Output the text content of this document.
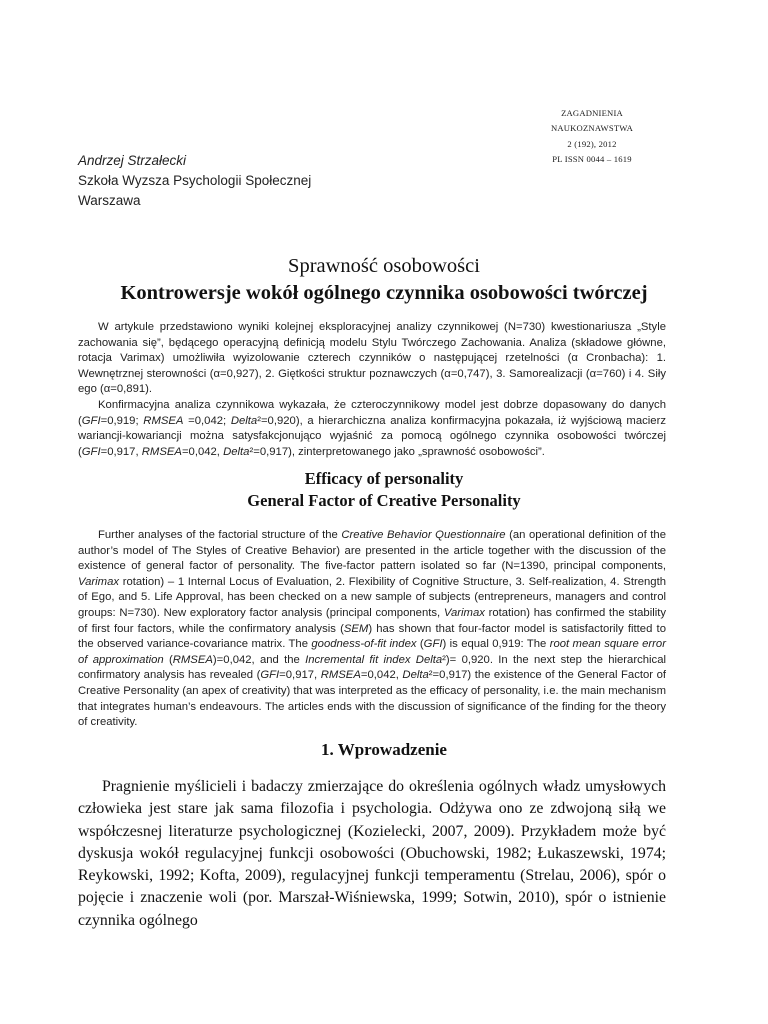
ZAGADNIENIA
NAUKOZNAWSTWA
2 (192), 2012
PL ISSN 0044 – 1619
Andrzej Strzałecki
Szkoła Wyzsza Psychologii Społecznej
Warszawa
Sprawność osobowości
Kontrowersje wokół ogólnego czynnika osobowości twórczej

W artykule przedstawiono wyniki kolejnej eksploracyjnej analizy czynnikowej (N=730) kwestionariusza „Style zachowania się”, będącego operacyjną definicją modelu Stylu Twórczego Zachowania. Analiza (składowe główne, rotacja Varimax) umożliwiła wyizolowanie czterech czynników o następującej rzetelności (α Cronbacha): 1. Wewnętrznej sterowności (α=0,927), 2. Giętkości struktur poznawczych (α=0,747), 3. Samorealizacji (α=760) i 4. Siły ego (α=0,891).

Konfirmacyjna analiza czynnikowa wykazała, że czteroczynnikowy model jest dobrze dopasowany do danych (GFI=0,919; RMSEA =0,042; Delta²=0,920), a hierarchiczna analiza konfirmacyjna pokazała, iż wyjściową macierz wariancji-kowariancji można satysfakcjonująco wyjaśnić za pomocą ogólnego czynnika osobowości twórczej (GFI=0,917, RMSEA=0,042, Delta²=0,917), zinterpretowanego jako „sprawność osobowości”.

Efficacy of personality
General Factor of Creative Personality

Further analyses of the factorial structure of the Creative Behavior Questionnaire (an operational definition of the author’s model of The Styles of Creative Behavior) are presented in the article together with the discussion of the existence of general factor of personality. The five-factor pattern isolated so far (N=1390, principal components, Varimax rotation) – 1 Internal Locus of Evaluation, 2. Flexibility of Cognitive Structure, 3. Self-realization, 4. Strength of Ego, and 5. Life Approval, has been checked on a new sample of subjects (entrepreneurs, managers and control groups: N=730). New exploratory factor analysis (principal components, Varimax rotation) has confirmed the stability of first four factors, while the confirmatory analysis (SEM) has shown that four-factor model is satisfactorily fitted to the observed variance-covariance matrix. The goodness-of-fit index (GFI) is equal 0,919: The root mean square error of approximation (RMSEA)=0,042, and the Incremental fit index Delta²)= 0,920. In the next step the hierarchical confirmatory analysis has revealed (GFI=0,917, RMSEA=0,042, Delta²=0,917) the existence of the General Factor of Creative Personality (an apex of creativity) that was interpreted as the efficacy of personality, i.e. the main mechanism that integrates human’s endeavours. The articles ends with the discussion of significance of the finding for the theory of creativity.

1. Wprowadzenie

Pragnienie myślicieli i badaczy zmierzające do określenia ogólnych władz umysłowych człowieka jest stare jak sama filozofia i psychologia. Odżywa ono ze zdwojoną siłą we współczesnej literaturze psychologicznej (Kozielecki, 2007, 2009). Przykładem może być dyskusja wokół regulacyjnej funkcji osobowości (Obuchowski, 1982; Łukaszewski, 1974; Reykowski, 1992; Kofta, 2009), regulacyjnej funkcji temperamentu (Strelau, 2006), spór o pojęcie i znaczenie woli (por. Marszał-Wiśniewska, 1999; Sotwin, 2010), spór o istnienie czynnika ogólnego
